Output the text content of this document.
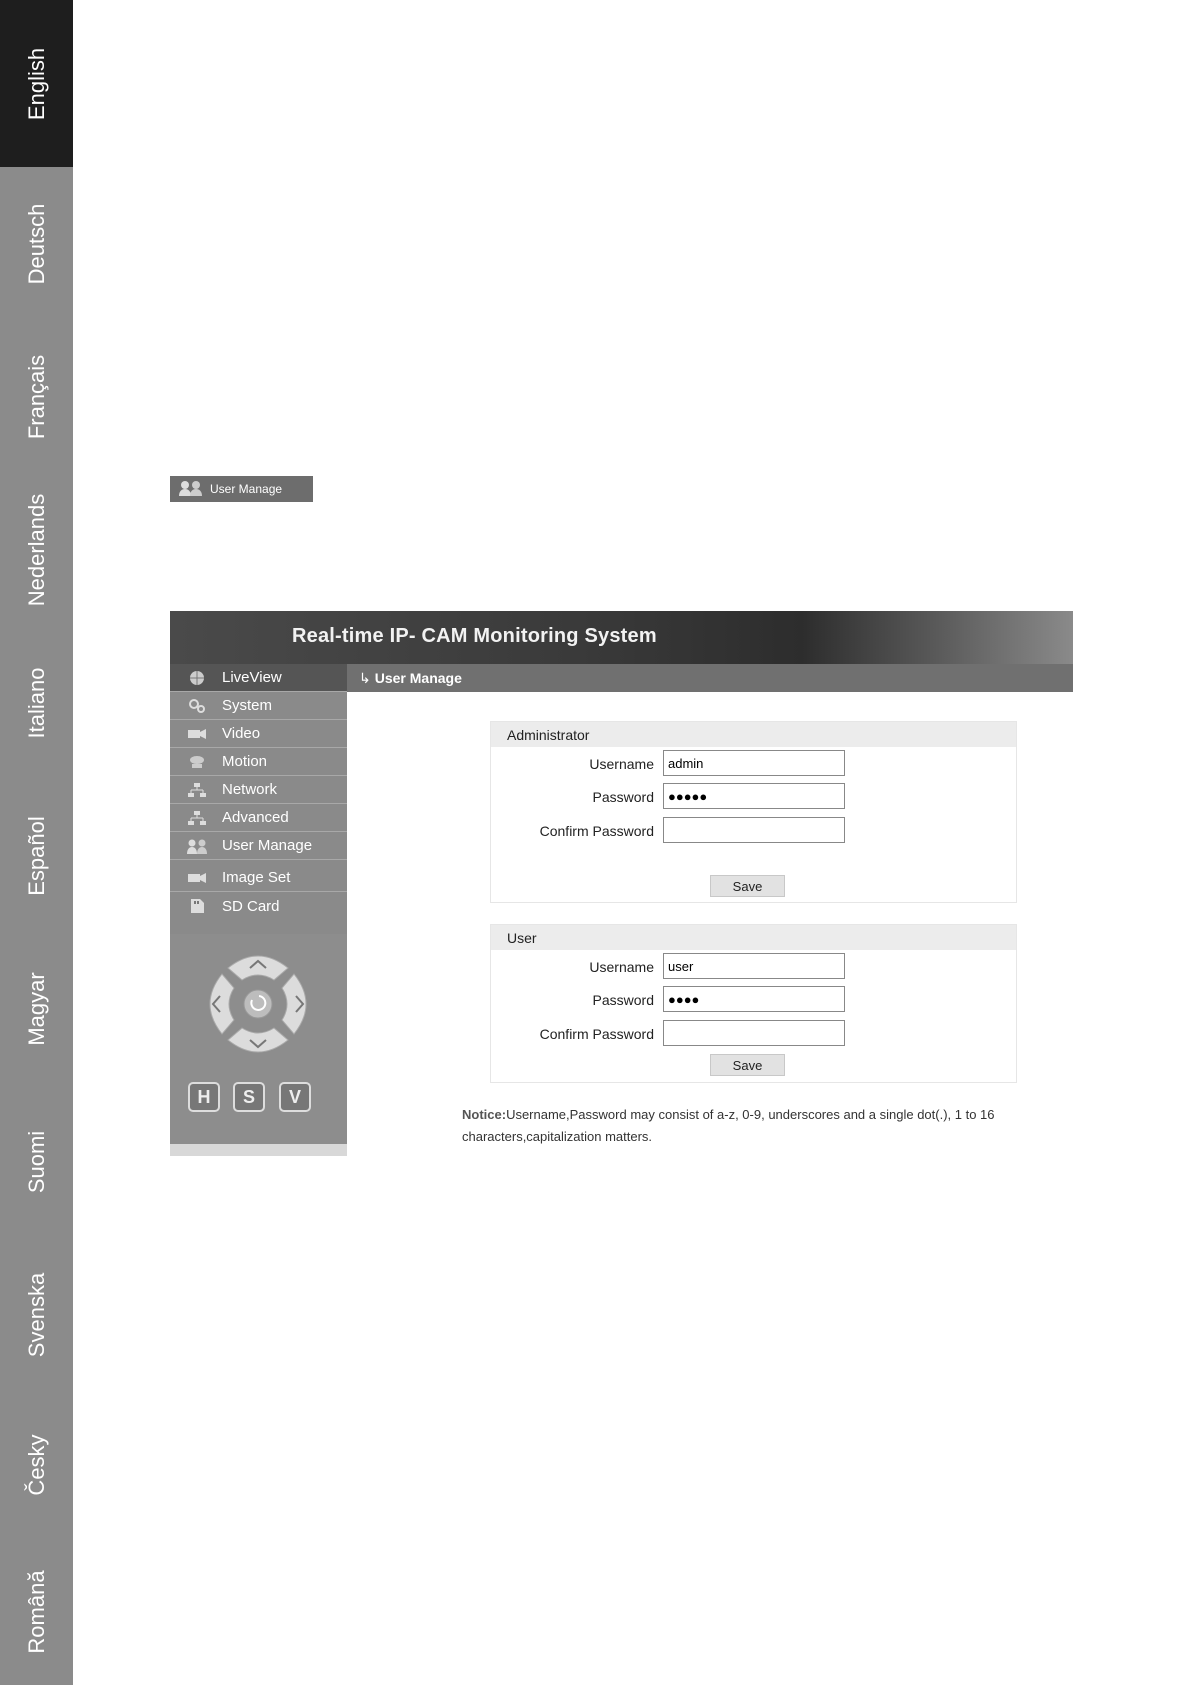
English
Deutsch
Français
Nederlands
Italiano
Español
Magyar
Suomi
Svenska
Česky
Română
User Manage
Real-time IP- CAM Monitoring System
LiveView
System
Video
Motion
Network
Advanced
User Manage
Image Set
SD Card
H	S	V
↳ User Manage
Administrator
Username
admin
Password
●●●●●
Confirm Password
Save
User
Username
user
Password
●●●●
Confirm Password
Save
Notice:Username,Password may consist of a-z, 0-9, underscores and a single dot(.), 1 to 16 characters,capitalization matters.
